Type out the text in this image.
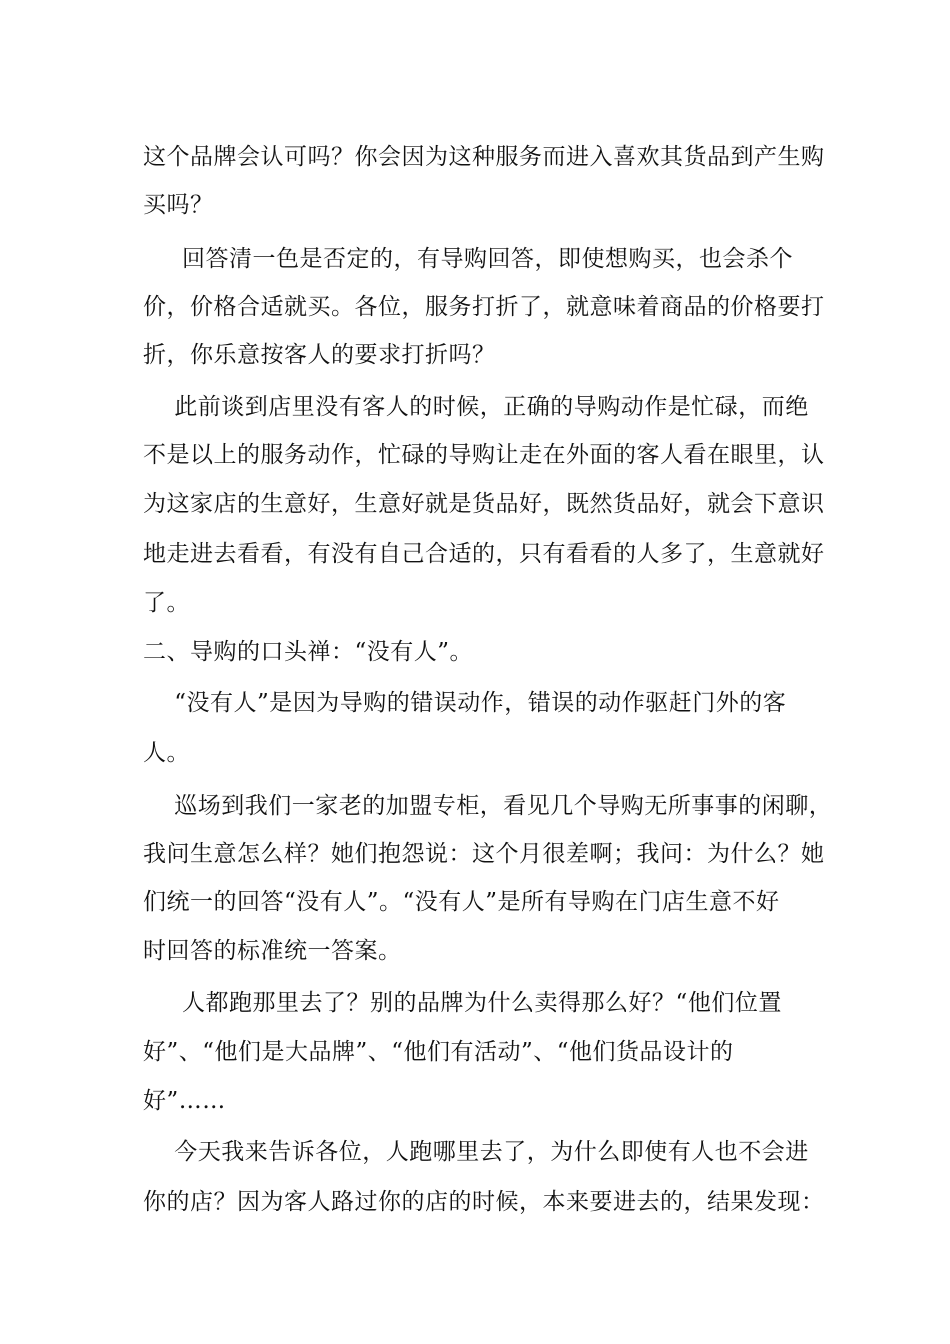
这个品牌会认可吗？你会因为这种服务而进入喜欢其货品到产生购
买吗？
回答清一色是否定的，有导购回答，即使想购买，也会杀个
价，价格合适就买。各位，服务打折了，就意味着商品的价格要打
折，你乐意按客人的要求打折吗？
此前谈到店里没有客人的时候，正确的导购动作是忙碌，而绝
不是以上的服务动作，忙碌的导购让走在外面的客人看在眼里，认
为这家店的生意好，生意好就是货品好，既然货品好，就会下意识
地走进去看看，有没有自己合适的，只有看看的人多了，生意就好
了。
二、导购的口头禅：“没有人”。
“没有人”是因为导购的错误动作，错误的动作驱赶门外的客
人。
巡场到我们一家老的加盟专柜，看见几个导购无所事事的闲聊，
我问生意怎么样？她们抱怨说：这个月很差啊；我问：为什么？她
们统一的回答“没有人”。“没有人”是所有导购在门店生意不好
时回答的标准统一答案。
人都跑那里去了？别的品牌为什么卖得那么好？“他们位置
好”、“他们是大品牌”、“他们有活动”、“他们货品设计的
好”……
今天我来告诉各位，人跑哪里去了，为什么即使有人也不会进
你的店？因为客人路过你的店的时候，本来要进去的，结果发现：
